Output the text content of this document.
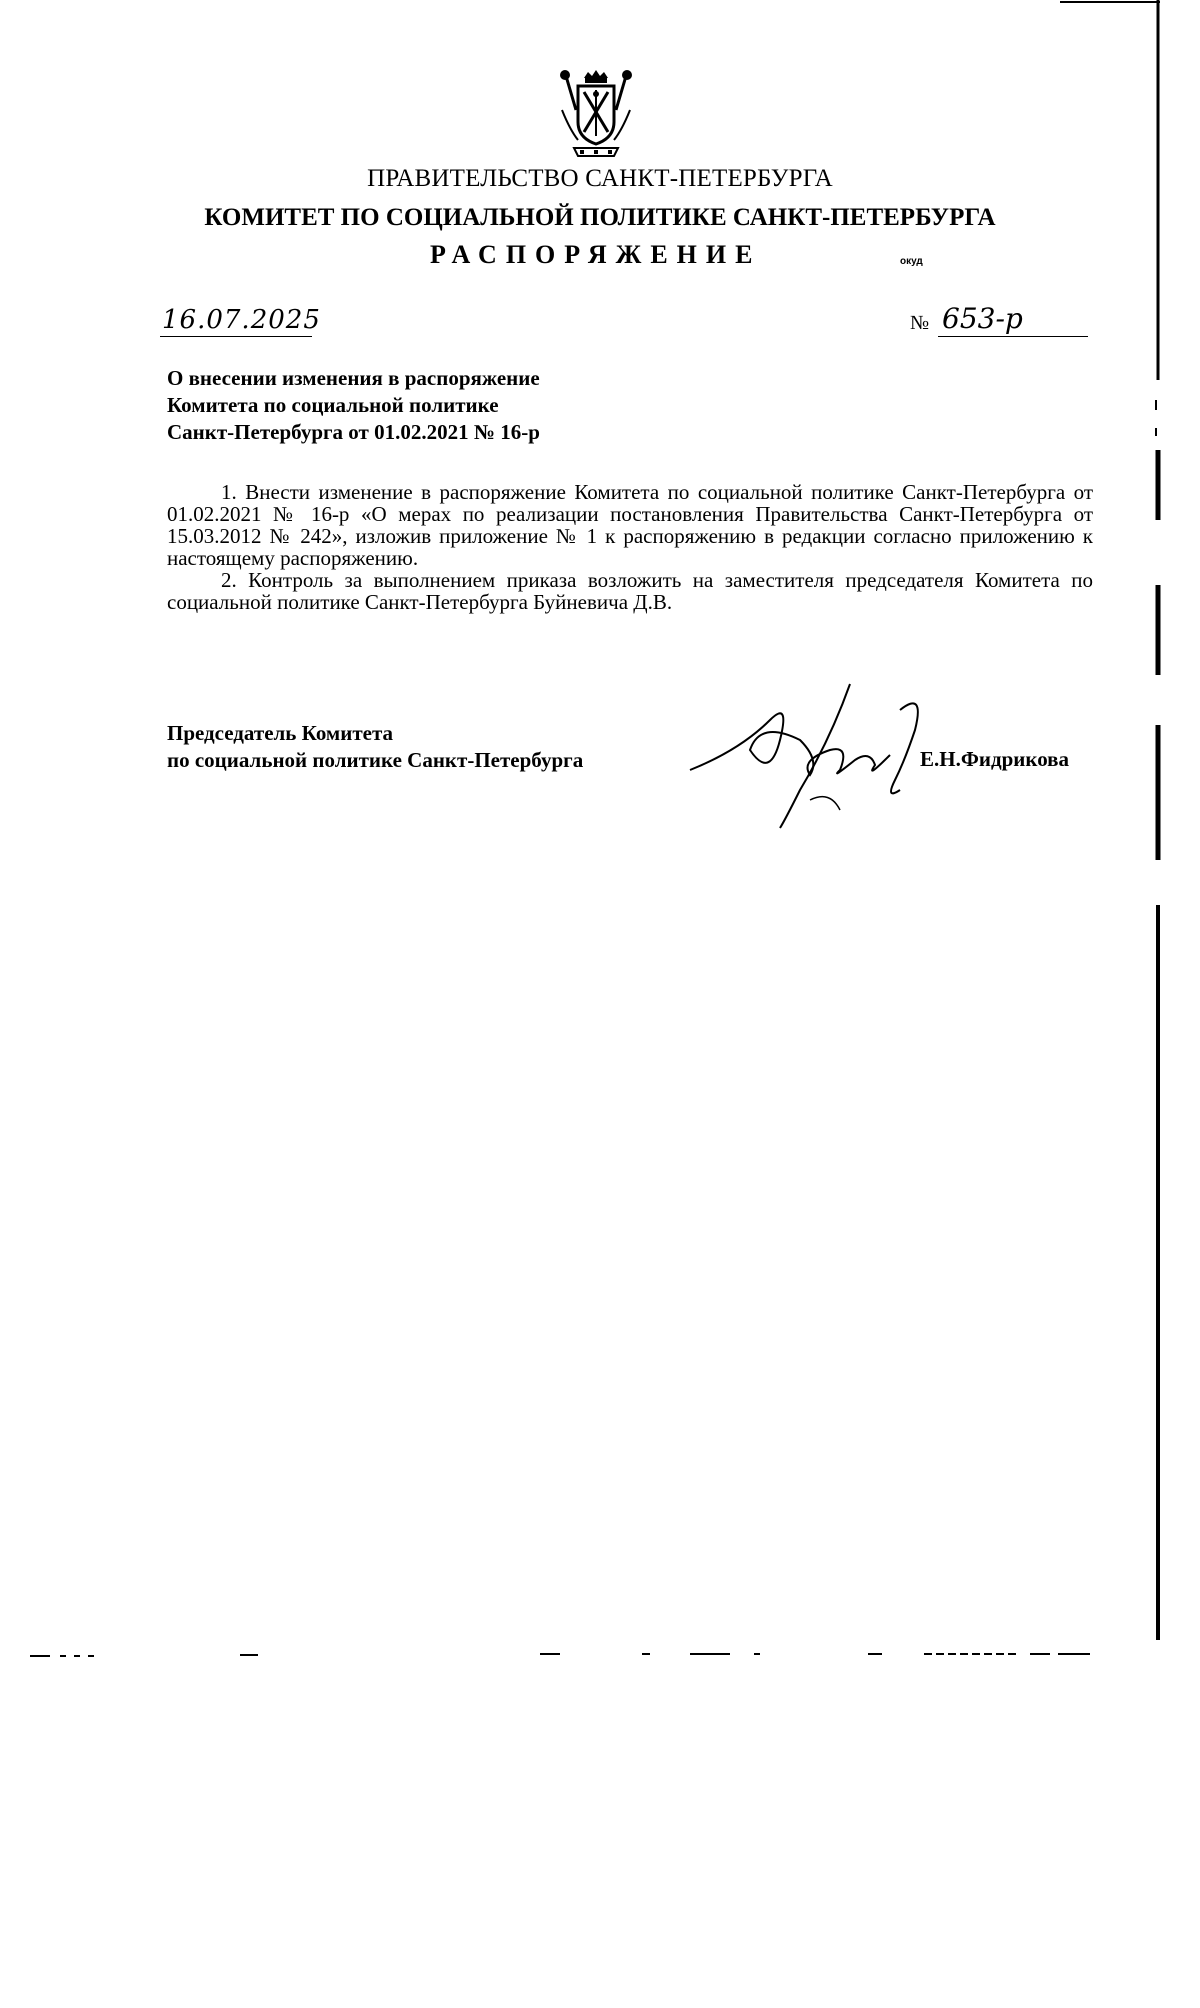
ПРАВИТЕЛЬСТВО САНКТ-ПЕТЕРБУРГА
КОМИТЕТ ПО СОЦИАЛЬНОЙ ПОЛИТИКЕ САНКТ-ПЕТЕРБУРГА
РАСПОРЯЖЕНИЕ	окуд
16.07.2025	№ 653-р
О внесении изменения в распоряжение
Комитета по социальной политике
Санкт-Петербурга от 01.02.2021 № 16-р

1. Внести изменение в распоряжение Комитета по социальной политике Санкт-Петербурга от 01.02.2021 № 16-р «О мерах по реализации постановления Правительства Санкт-Петербурга от 15.03.2012 № 242», изложив приложение № 1 к распоряжению в редакции согласно приложению к настоящему распоряжению.

2. Контроль за выполнением приказа возложить на заместителя председателя Комитета по социальной политике Санкт-Петербурга Буйневича Д.В.

Председатель Комитета
по социальной политике Санкт-Петербурга	Е.Н.Фидрикова
